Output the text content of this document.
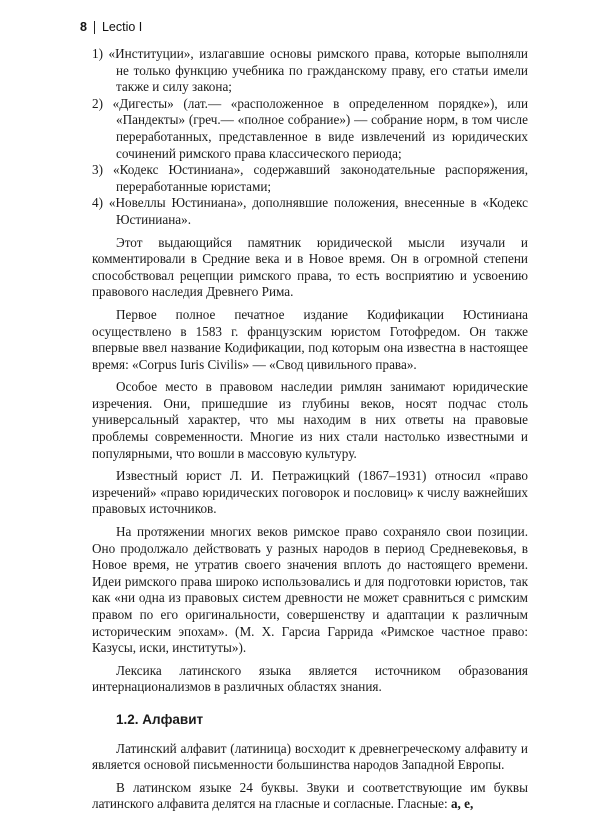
8 Lectio I

1) «Институции», излагавшие основы римского права, которые выполняли не только функцию учебника по гражданскому праву, его статьи имели также и силу закона;

2) «Дигесты» (лат.— «расположенное в определенном порядке»), или «Пандекты» (греч.— «полное собрание») — собрание норм, в том числе переработанных, представленное в виде извлечений из юридических сочинений римского права классического периода;

3) «Кодекс Юстиниана», содержавший законодательные распоряжения, переработанные юристами;

4) «Новеллы Юстиниана», дополнявшие положения, внесенные в «Кодекс Юстиниана».

Этот выдающийся памятник юридической мысли изучали и комментировали в Средние века и в Новое время. Он в огромной степени способствовал рецепции римского права, то есть восприятию и усвоению правового наследия Древнего Рима.

Первое полное печатное издание Кодификации Юстиниана осуществлено в 1583 г. французским юристом Готофредом. Он также впервые ввел название Кодификации, под которым она известна в настоящее время: «Corpus Iuris Civilis» — «Свод цивильного права».

Особое место в правовом наследии римлян занимают юридические изречения. Они, пришедшие из глубины веков, носят подчас столь универсальный характер, что мы находим в них ответы на правовые проблемы современности. Многие из них стали настолько известными и популярными, что вошли в массовую культуру.

Известный юрист Л. И. Петражицкий (1867–1931) относил «право изречений» «право юридических поговорок и пословиц» к числу важнейших правовых источников.

На протяжении многих веков римское право сохраняло свои позиции. Оно продолжало действовать у разных народов в период Средневековья, в Новое время, не утратив своего значения вплоть до настоящего времени. Идеи римского права широко использовались и для подготовки юристов, так как «ни одна из правовых систем древности не может сравниться с римским правом по его оригинальности, совершенству и адаптации к различным историческим эпохам». (М. Х. Гарсиа Гаррида «Римское частное право: Казусы, иски, институты»).

Лексика латинского языка является источником образования интернационализмов в различных областях знания.

1.2. Алфавит

Латинский алфавит (латиница) восходит к древнегреческому алфавиту и является основой письменности большинства народов Западной Европы.

В латинском языке 24 буквы. Звуки и соответствующие им буквы латинского алфавита делятся на гласные и согласные. Гласные: a, e,
